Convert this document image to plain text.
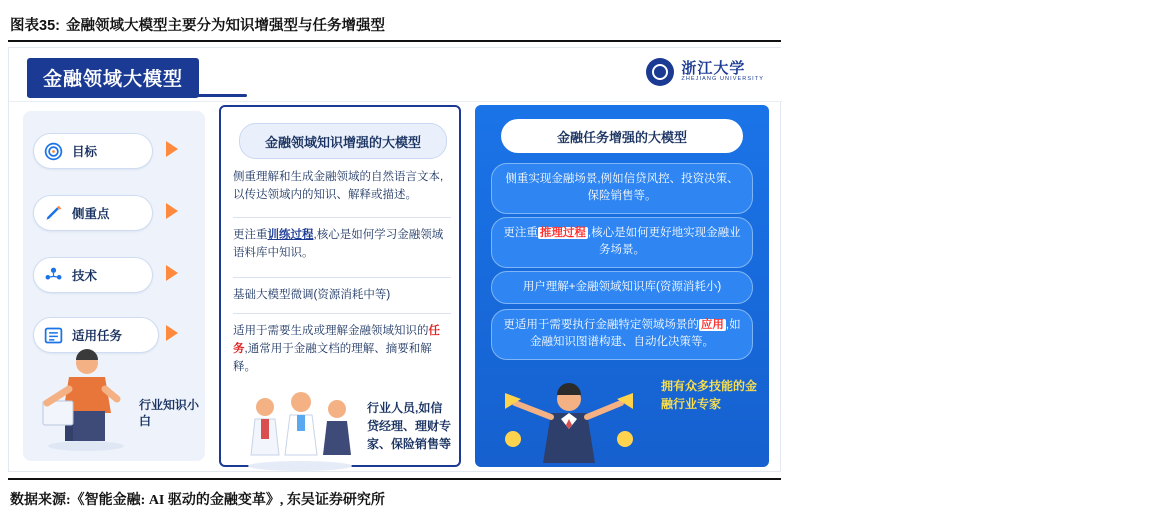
图表35: 金融领域大模型主要分为知识增强型与任务增强型
金融领域大模型
浙江大学
ZHEJIANG UNIVERSITY
目标
侧重点
技术
适用任务
行业知识小白
金融领域知识增强的大模型
侧重理解和生成金融领域的自然语言文本,以传达领域内的知识、解释或描述。
更注重训练过程,核心是如何学习金融领域语料库中知识。
基础大模型微调(资源消耗中等)
适用于需要生成或理解金融领域知识的任务,通常用于金融文档的理解、摘要和解释。
行业人员,如信贷经理、理财专家、保险销售等
金融任务增强的大模型
侧重实现金融场景,例如信贷风控、投资决策、保险销售等。
更注重 推理过程 ,核心是如何更好地实现金融业务场景。
用户理解+金融领域知识库(资源消耗小)
更适用于需要执行金融特定领域场景的 应用 ,如金融知识图谱构建、自动化决策等。
拥有众多技能的金融行业专家
公众号:会飞的一十六
数据来源:《智能金融: AI 驱动的金融变革》, 东吴证券研究所
